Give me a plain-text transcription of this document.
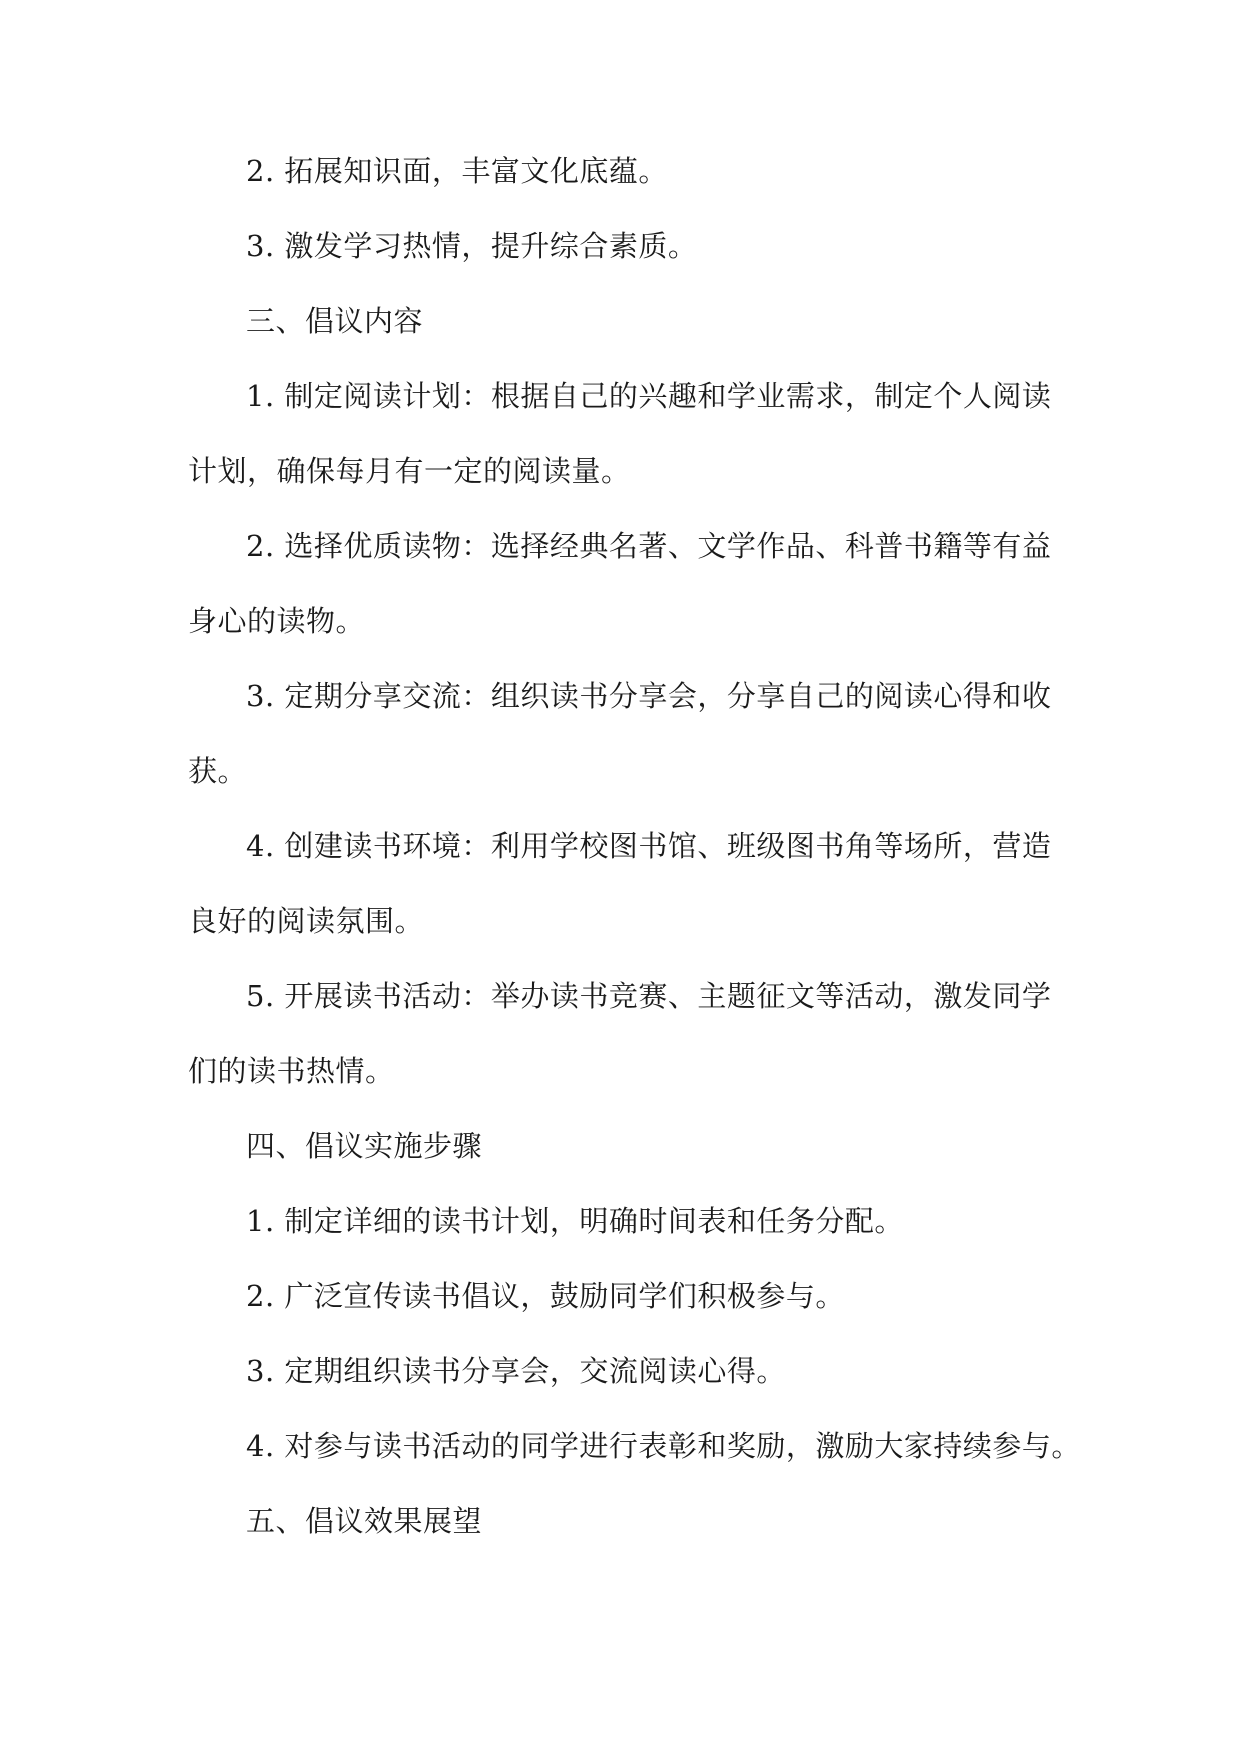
2. 拓展知识面，丰富文化底蕴。
3. 激发学习热情，提升综合素质。
三、倡议内容
1. 制定阅读计划：根据自己的兴趣和学业需求，制定个人阅读
计划，确保每月有一定的阅读量。
2. 选择优质读物：选择经典名著、文学作品、科普书籍等有益
身心的读物。
3. 定期分享交流：组织读书分享会，分享自己的阅读心得和收
获。
4. 创建读书环境：利用学校图书馆、班级图书角等场所，营造
良好的阅读氛围。
5. 开展读书活动：举办读书竞赛、主题征文等活动，激发同学
们的读书热情。
四、倡议实施步骤
1. 制定详细的读书计划，明确时间表和任务分配。
2. 广泛宣传读书倡议，鼓励同学们积极参与。
3. 定期组织读书分享会，交流阅读心得。
4. 对参与读书活动的同学进行表彰和奖励，激励大家持续参与。
五、倡议效果展望
